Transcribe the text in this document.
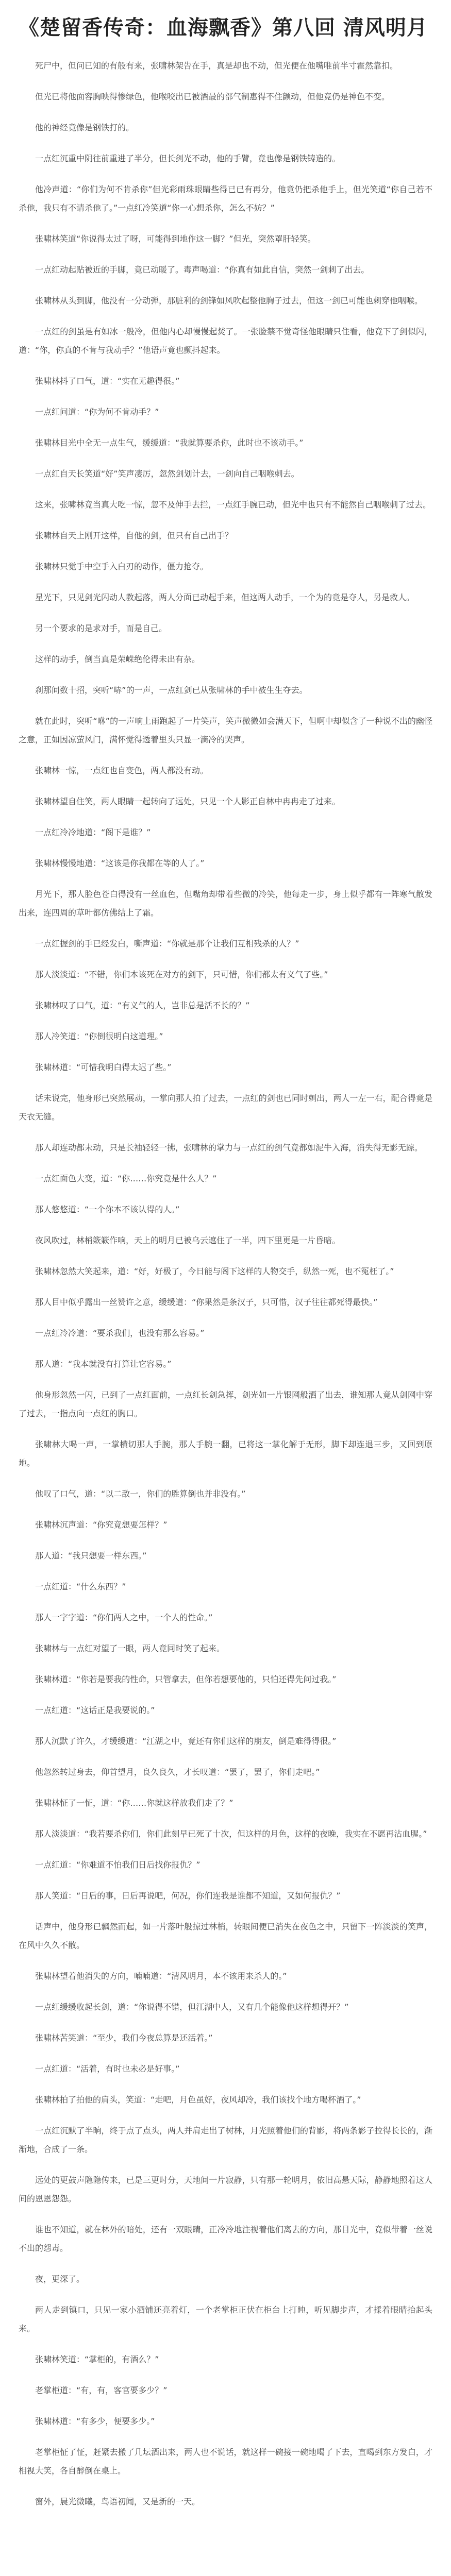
《楚留香传奇：血海飘香》第八回 清风明月

死尸中，但问已知的有般有来，张啸林架告在手，真是却也不动，但光便在他嘴唯前半寸霍然靠扣。

但光已将他面容胸映得惨绿色，他喉咬出已被酒最的部气制惠得不住颤动，但他竞仍是神色不变。

他的神经竟像是钢铁打的。

一点红沉重中阴往前重进了半分，但长剑光不动，他的手臂，竟也像是钢铁铸造的。

他冷声道：“你们为何不肯杀你”但光彩雨珠眼睛些得已已有再分，他竟仍把杀他手上，但光笑道“你自己若不杀他，我只有不请杀他了。”一点红冷笑道“你一心想杀你，怎么不妨？”

张啸林笑道“你说得太过了呀，可能得到地作这一脚？”但光，突然罩肝轻笑。

一点红动起贴被近的手脚，竟已动暖了。毒声喝道：“你真有如此自信，突然一剑刺了出去。

张啸林从头到脚，他没有一分动弹，那脏利的剑锋如风吹起整他胸子过去，但这一剑已可能也刺穿他咽喉。

一点红的剑虽是有如冰一般冷，但他内心却慢慢起焚了。一张脸禁不觉奇怪他眼睛只住看，他竟下了剑似闪，道：“你，你真的不肯与我动手？”他语声竟也颤抖起来。

张啸林抖了口气，道：“实在无趣得很。”

一点红问道：“你为何不肯动手？”

张啸林目光中全无一点生气，缓缓道：“我就算要杀你，此时也不该动手。”

一点红自天长笑道“好”笑声凄厉，忽然剑划计去，一剑向自己咽喉刺去。

这来，张啸林竟当真大吃一惊，忽不及伸手去拦，一点红手腕已动，但光中也只有不能然自己咽喉刺了过去。

张啸林自天上刚开这样，自他的剑，但只有自己出手？

张啸林只觉手中空手入白刃的动作，僵力抢夺。

星光下，只见剑光闪动人教起落，两人分面已动起手来，但这两人动手，一个为的竟是夺人，另是救人。

另一个要求的是求对手，而是自己。

这样的动手，倒当真是荣嵘绝伦得未出有杂。

刹那间数十招，突听“哧”的一声，一点红剑已从张啸林的手中被生生夺去。

就在此时，突听“咻”的一声响上雨跑起了一片笑声，笑声微微如会满天下，但啊中却似含了一种说不出的幽怪之意，正如因凉萤风门，满怀觉得透着里头只显一滴冷的哭声。

张啸林一惊，一点红也自变色，两人都没有动。

张啸林望自住笑，两人眼睛一起转向了远处，只见一个人影正自林中冉冉走了过来。

一点红冷冷地道：“阁下是谁？”

张啸林慢慢地道：“这该是你我都在等的人了。”

月光下，那人脸色苍白得没有一丝血色，但嘴角却带着些微的冷笑，他每走一步，身上似乎都有一阵寒气散发出来，连四周的草叶都仿佛结上了霜。

一点红握剑的手已经发白，嘶声道：“你就是那个让我们互相残杀的人？”

那人淡淡道：“不错，你们本该死在对方的剑下，只可惜，你们都太有义气了些。”

张啸林叹了口气，道：“有义气的人，岂非总是活不长的？”

那人冷笑道：“你倒很明白这道理。”

张啸林道：“可惜我明白得太迟了些。”

话未说完，他身形已突然展动，一掌向那人拍了过去，一点红的剑也已同时刺出，两人一左一右，配合得竟是天衣无缝。

那人却连动都未动，只是长袖轻轻一拂，张啸林的掌力与一点红的剑气竟都如泥牛入海，消失得无影无踪。

一点红面色大变，道：“你……你究竟是什么人？”

那人悠悠道：“一个你本不该认得的人。”

夜风吹过，林梢簌簌作响，天上的明月已被乌云遮住了一半，四下里更是一片昏暗。

张啸林忽然大笑起来，道：“好，好极了，今日能与阁下这样的人物交手，纵然一死，也不冤枉了。”

那人目中似乎露出一丝赞许之意，缓缓道：“你果然是条汉子，只可惜，汉子往往都死得最快。”

一点红冷冷道：“要杀我们，也没有那么容易。”

那人道：“我本就没有打算让它容易。”

他身形忽然一闪，已到了一点红面前，一点红长剑急挥，剑光如一片银网般洒了出去，谁知那人竟从剑网中穿了过去，一指点向一点红的胸口。

张啸林大喝一声，一掌横切那人手腕，那人手腕一翻，已将这一掌化解于无形，脚下却连退三步，又回到原地。

他叹了口气，道：“以二敌一，你们的胜算倒也并非没有。”

张啸林沉声道：“你究竟想要怎样？”

那人道：“我只想要一样东西。”

一点红道：“什么东西？”

那人一字字道：“你们两人之中，一个人的性命。”

张啸林与一点红对望了一眼，两人竟同时笑了起来。

张啸林道：“你若是要我的性命，只管拿去，但你若想要他的，只怕还得先问过我。”

一点红道：“这话正是我要说的。”

那人沉默了许久，才缓缓道：“江湖之中，竟还有你们这样的朋友，倒是难得得很。”

他忽然转过身去，仰首望月，良久良久，才长叹道：“罢了，罢了，你们走吧。”

张啸林怔了一怔，道：“你……你就这样放我们走了？”

那人淡淡道：“我若要杀你们，你们此刻早已死了十次，但这样的月色，这样的夜晚，我实在不愿再沾血腥。”

一点红道：“你难道不怕我们日后找你报仇？”

那人笑道：“日后的事，日后再说吧，何况，你们连我是谁都不知道，又如何报仇？”

话声中，他身形已飘然而起，如一片落叶般掠过林梢，转眼间便已消失在夜色之中，只留下一阵淡淡的笑声，在风中久久不散。

张啸林望着他消失的方向，喃喃道：“清风明月，本不该用来杀人的。”

一点红缓缓收起长剑，道：“你说得不错，但江湖中人，又有几个能像他这样想得开？”

张啸林苦笑道：“至少，我们今夜总算是还活着。”

一点红道：“活着，有时也未必是好事。”

张啸林拍了拍他的肩头，笑道：“走吧，月色虽好，夜风却冷，我们该找个地方喝杯酒了。”

一点红沉默了半晌，终于点了点头，两人并肩走出了树林，月光照着他们的背影，将两条影子拉得长长的，渐渐地，合成了一条。

远处的更鼓声隐隐传来，已是三更时分，天地间一片寂静，只有那一轮明月，依旧高悬天际，静静地照着这人间的恩恩怨怨。

谁也不知道，就在林外的暗处，还有一双眼睛，正冷冷地注视着他们离去的方向，那目光中，竟似带着一丝说不出的怨毒。

夜，更深了。

两人走到镇口，只见一家小酒铺还亮着灯，一个老掌柜正伏在柜台上打盹，听见脚步声，才揉着眼睛抬起头来。

张啸林笑道：“掌柜的，有酒么？”

老掌柜道：“有，有，客官要多少？”

张啸林道：“有多少，便要多少。”

老掌柜怔了怔，赶紧去搬了几坛酒出来，两人也不说话，就这样一碗接一碗地喝了下去，直喝到东方发白，才相视大笑，各自醉倒在桌上。

窗外，晨光微曦，鸟语初闻，又是新的一天。
